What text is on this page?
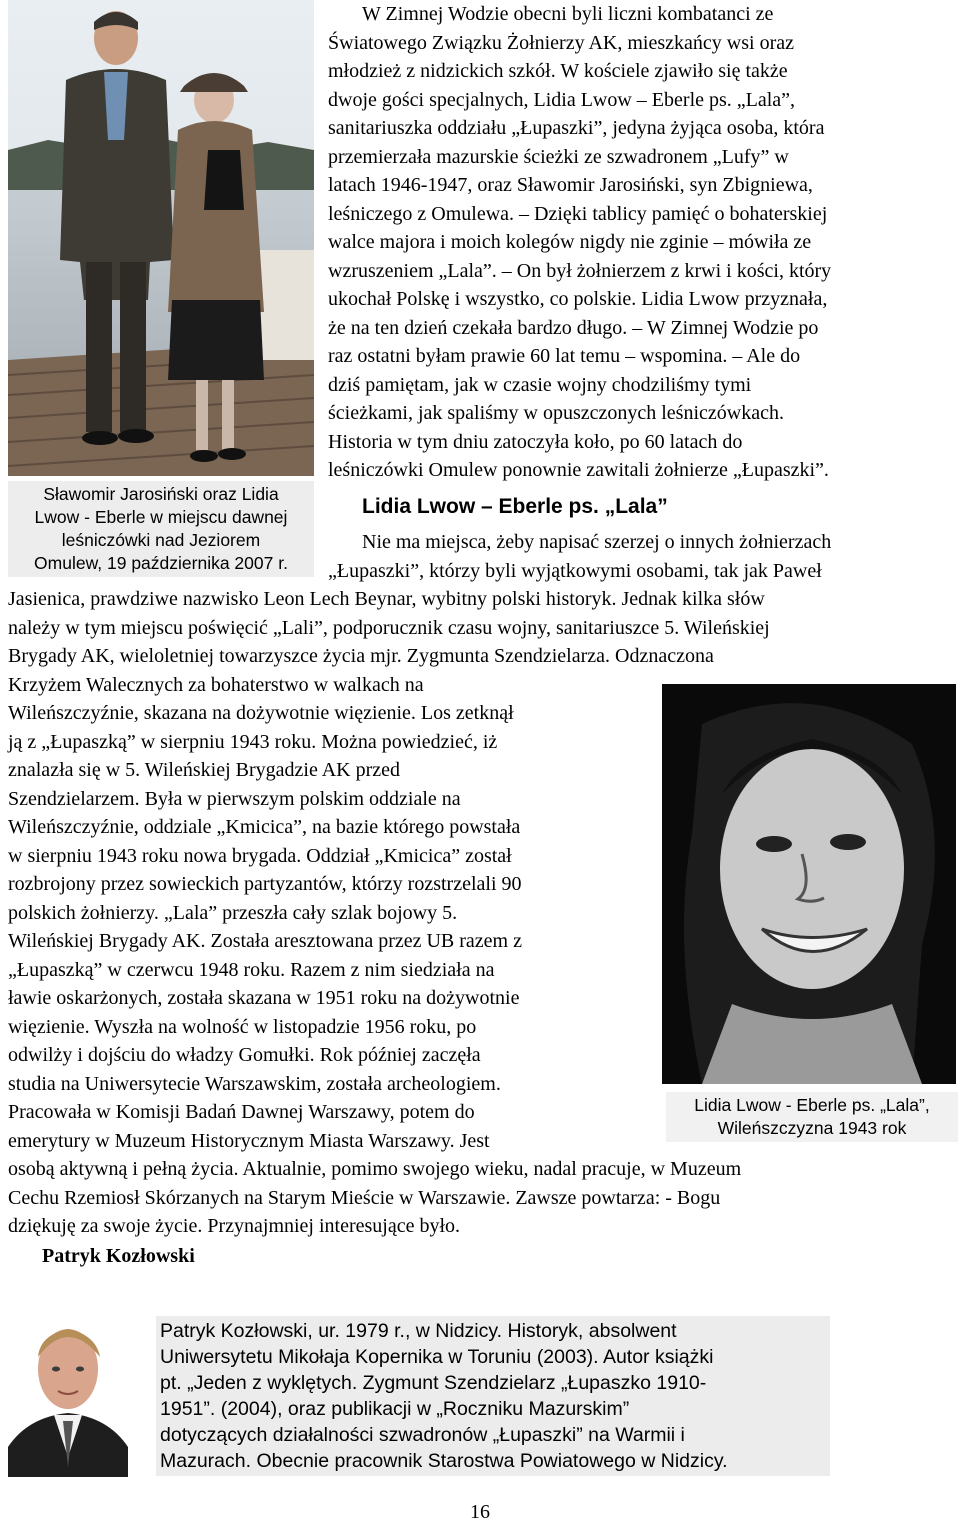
Sławomir Jarosiński oraz Lidia
Lwow - Eberle w miejscu dawnej
leśniczówki nad Jeziorem
Omulew, 19 października 2007 r.
W Zimnej Wodzie obecni byli liczni kombatanci ze
Światowego Związku Żołnierzy AK, mieszkańcy wsi oraz
młodzież z nidzickich szkół. W kościele zjawiło się także
dwoje gości specjalnych, Lidia Lwow – Eberle ps. „Lala”,
sanitariuszka oddziału „Łupaszki”, jedyna żyjąca osoba, która
przemierzała mazurskie ścieżki ze szwadronem „Lufy” w
latach 1946-1947, oraz Sławomir Jarosiński, syn Zbigniewa,
leśniczego z Omulewa. – Dzięki tablicy pamięć o bohaterskiej
walce majora i moich kolegów nigdy nie zginie – mówiła ze
wzruszeniem „Lala”. – On był żołnierzem z krwi i kości, który
ukochał Polskę i wszystko, co polskie. Lidia Lwow przyznała,
że na ten dzień czekała bardzo długo. – W Zimnej Wodzie po
raz ostatni byłam prawie 60 lat temu – wspomina. – Ale do
dziś pamiętam, jak w czasie wojny chodziliśmy tymi
ścieżkami, jak spaliśmy w opuszczonych leśniczówkach.
Historia w tym dniu zatoczyła koło, po 60 latach do
leśniczówki Omulew ponownie zawitali żołnierze „Łupaszki”.
Lidia Lwow – Eberle ps. „Lala”
Nie ma miejsca, żeby napisać szerzej o innych żołnierzach
„Łupaszki”, którzy byli wyjątkowymi osobami, tak jak Paweł
Jasienica, prawdziwe nazwisko Leon Lech Beynar, wybitny polski historyk. Jednak kilka słów
należy w tym miejscu poświęcić „Lali”, podporucznik czasu wojny, sanitariuszce 5. Wileńskiej
Brygady AK, wieloletniej towarzyszce życia mjr. Zygmunta Szendzielarza. Odznaczona
Krzyżem Walecznych za bohaterstwo w walkach na
Wileńszczyźnie, skazana na dożywotnie więzienie. Los zetknął
ją z „Łupaszką” w sierpniu 1943 roku. Można powiedzieć, iż
znalazła się w 5. Wileńskiej Brygadzie AK przed
Szendzielarzem. Była w pierwszym polskim oddziale na
Wileńszczyźnie, oddziale „Kmicica”, na bazie którego powstała
w sierpniu 1943 roku nowa brygada. Oddział „Kmicica” został
rozbrojony przez sowieckich partyzantów, którzy rozstrzelali 90
polskich żołnierzy. „Lala” przeszła cały szlak bojowy 5.
Wileńskiej Brygady AK. Została aresztowana przez UB razem z
„Łupaszką” w czerwcu 1948 roku. Razem z nim siedziała na
ławie oskarżonych, została skazana w 1951 roku na dożywotnie
więzienie. Wyszła na wolność w listopadzie 1956 roku, po
odwilży i dojściu do władzy Gomułki. Rok później zaczęła
studia na Uniwersytecie Warszawskim, została archeologiem.
Pracowała w Komisji Badań Dawnej Warszawy, potem do
emerytury w Muzeum Historycznym Miasta Warszawy. Jest
osobą aktywną i pełną życia. Aktualnie, pomimo swojego wieku, nadal pracuje, w Muzeum
Cechu Rzemiosł Skórzanych na Starym Mieście w Warszawie. Zawsze powtarza: - Bogu
dziękuję za swoje życie. Przynajmniej interesujące było.
Patryk Kozłowski
Lidia Lwow - Eberle ps. „Lala”,
Wileńszczyzna 1943 rok
Patryk Kozłowski, ur. 1979 r., w Nidzicy. Historyk, absolwent
Uniwersytetu Mikołaja Kopernika w Toruniu (2003). Autor książki
pt. „Jeden z wyklętych. Zygmunt Szendzielarz „Łupaszko 1910-
1951”. (2004), oraz publikacji w „Roczniku Mazurskim”
dotyczących działalności szwadronów „Łupaszki” na Warmii i
Mazurach. Obecnie pracownik Starostwa Powiatowego w Nidzicy.
16
